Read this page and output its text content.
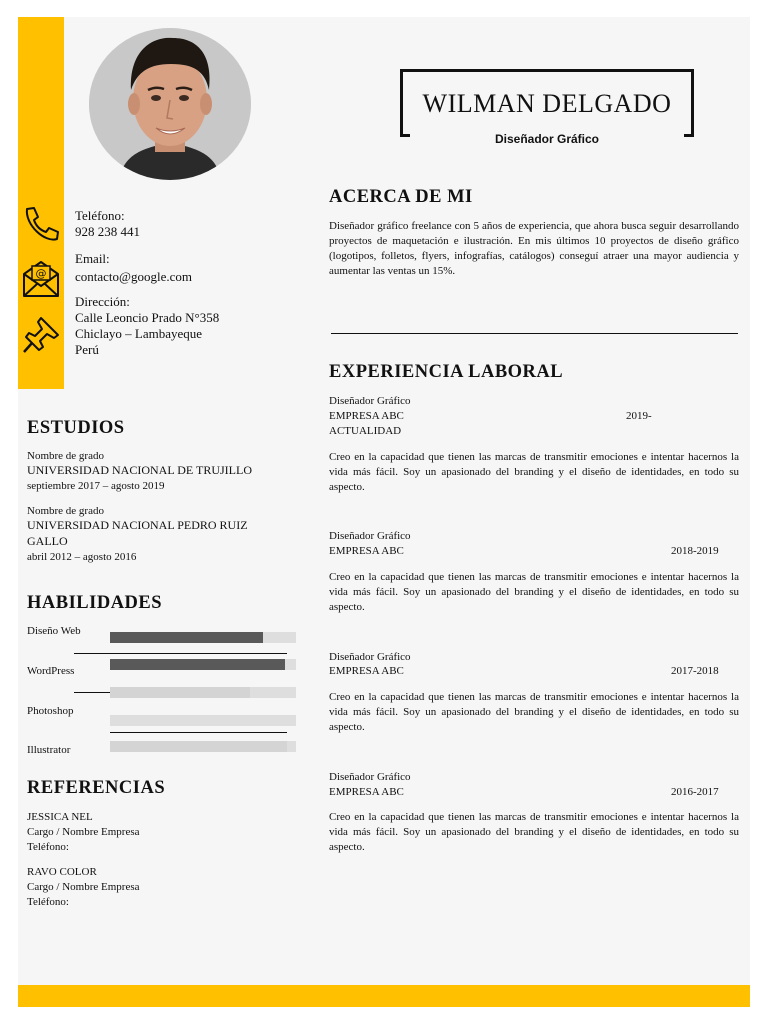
@
Teléfono:
928 238 441
Email:
contacto@google.com
Dirección:
Calle Leoncio Prado N°358
Chiclayo – Lambayeque
Perú
WILMAN DELGADO
Diseñador Gráfico
ACERCA DE MI
Diseñador gráfico freelance con 5 años de experiencia, que ahora busca seguir desarrollando proyectos de maquetación e ilustración. En mis últimos 10 proyectos de diseño gráfico (logotipos, folletos, flyers, infografías, catálogos) conseguí atraer una mayor audiencia y aumentar las ventas un 15%.
EXPERIENCIA LABORAL
Diseñador Gráfico
EMPRESA ABC	2019-
ACTUALIDAD
Creo en la capacidad que tienen las marcas de transmitir emociones e intentar hacernos la vida más fácil. Soy un apasionado del branding y el diseño de identidades, en todo su aspecto.
Diseñador Gráfico
EMPRESA ABC	2018-2019
Creo en la capacidad que tienen las marcas de transmitir emociones e intentar hacernos la vida más fácil. Soy un apasionado del branding y el diseño de identidades, en todo su aspecto.
Diseñador Gráfico
EMPRESA ABC	2017-2018
Creo en la capacidad que tienen las marcas de transmitir emociones e intentar hacernos la vida más fácil. Soy un apasionado del branding y el diseño de identidades, en todo su aspecto.
Diseñador Gráfico
EMPRESA ABC	2016-2017
Creo en la capacidad que tienen las marcas de transmitir emociones e intentar hacernos la vida más fácil. Soy un apasionado del branding y el diseño de identidades, en todo su aspecto.
ESTUDIOS
Nombre de grado
UNIVERSIDAD NACIONAL DE TRUJILLO
septiembre 2017 – agosto 2019
Nombre de grado
UNIVERSIDAD NACIONAL PEDRO RUIZ
GALLO
abril 2012 – agosto 2016
HABILIDADES
Diseño Web
WordPress
Photoshop
Illustrator
REFERENCIAS
JESSICA NEL
Cargo / Nombre Empresa
Teléfono:
RAVO COLOR
Cargo / Nombre Empresa
Teléfono:
